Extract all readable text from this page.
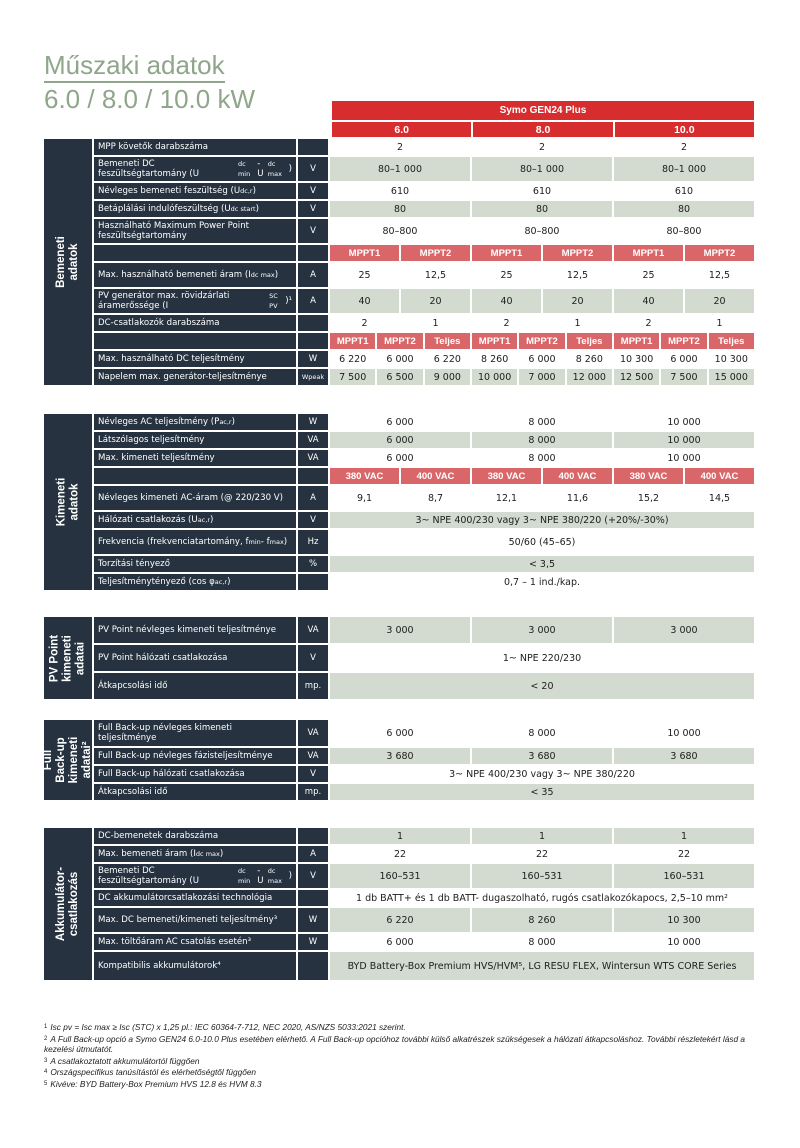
Műszaki adatok
6.0 / 8.0 / 10.0 kW	Symo GEN24 Plus
6.0	8.0	10.0
Bemeneti adatok
MPP követők darabszáma	2	2	2
Bemeneti DC feszültségtartomány (U
dc min
- U
dc max )	V	80–1 000	80–1 000	80–1 000
Névleges bemeneti feszültség (U dc,r )	V	610	610	610
Betáplálási indulófeszültség (U dc start )	V	80	80	80
Használható Maximum Power Point feszültségtartomány	V	80–800	80–800	80–800
MPPT1	MPPT2	MPPT1	MPPT2	MPPT1	MPPT2
Max. használható bemeneti áram (I dc max )	A	25	12,5	25	12,5	25	12,5
PV generátor max. rövidzárlati áramerőssége (I
SC PV )¹	A	40	20	40	20	40	20
DC-csatlakozók darabszáma	2	1	2	1	2	1
MPPT1	MPPT2	Teljes	MPPT1	MPPT2	Teljes	MPPT1	MPPT2	Teljes
Max. használható DC teljesítmény	W	6 220	6 000	6 220	8 260	6 000	8 260	10 300	6 000	10 300
Napelem max. generátor-teljesítménye	Wpeak	7 500	6 500	9 000	10 000	7 000	12 000	12 500	7 500	15 000
Kimeneti adatok
Névleges AC teljesítmény (P ac,r )	W	6 000	8 000	10 000
Látszólagos teljesítmény	VA	6 000	8 000	10 000
Max. kimeneti teljesítmény	VA	6 000	8 000	10 000
380 VAC	400 VAC	380 VAC	400 VAC	380 VAC	400 VAC
Névleges kimeneti AC-áram (@ 220/230 V)	A	9,1	8,7	12,1	11,6	15,2	14,5
Hálózati csatlakozás (U ac,r )	V	3~ NPE 400/230 vagy 3~ NPE 380/220 (+20%/-30%)
Frekvencia (frekvenciatartomány, f min - f max )	Hz	50/60 (45–65)
Torzítási tényező	%	< 3,5
Teljesítménytényező (cos φ ac,r )	0,7 – 1 ind./kap.
PV Point kimeneti adatai
PV Point névleges kimeneti teljesítménye	VA	3 000	3 000	3 000
PV Point hálózati csatlakozása	V	1~ NPE 220/230
Átkapcsolási idő	mp.	< 20
Full Back-up kimeneti adatai²
Full Back-up névleges kimeneti teljesítménye	VA	6 000	8 000	10 000
Full Back-up névleges fázisteljesítménye	VA	3 680	3 680	3 680
Full Back-up hálózati csatlakozása	V	3~ NPE 400/230 vagy 3~ NPE 380/220
Átkapcsolási idő	mp.	< 35
Akkumulátor-csatlakozás
DC-bemenetek darabszáma	1	1	1
Max. bemeneti áram (I dc max )	A	22	22	22
Bemeneti DC feszültségtartomány (U
dc min
- U
dc max )	V	160–531	160–531	160–531
DC akkumulátorcsatlakozási technológia	1 db BATT+ és 1 db BATT- dugaszolható, rugós csatlakozókapocs, 2,5–10 mm²
Max. DC bemeneti/kimeneti teljesítmény³	W	6 220	8 260	10 300
Max. töltőáram AC csatolás esetén³	W	6 000	8 000	10 000
Kompatibilis akkumulátorok⁴	BYD Battery-Box Premium HVS/HVM⁵, LG RESU FLEX, Wintersun WTS CORE Series

$^1$ Isc pv = Isc max ≥ Isc (STC) x 1,25 pl.: IEC 60364-7-712, NEC 2020, AS/NZS 5033:2021 szerint.

$^2$ A Full Back-up opció a Symo GEN24 6.0-10.0 Plus esetében elérhető. A Full Back-up opcióhoz további külső alkatrészek szükségesek a hálózati átkapcsoláshoz. További részletekért lásd a kezelési útmutatót.

$^3$ A csatlakoztatott akkumulátortól függően

$^4$ Országspecifikus tanúsítástól és elérhetőségtől függően

$^5$ Kivéve: BYD Battery-Box Premium HVS 12.8 és HVM 8.3
